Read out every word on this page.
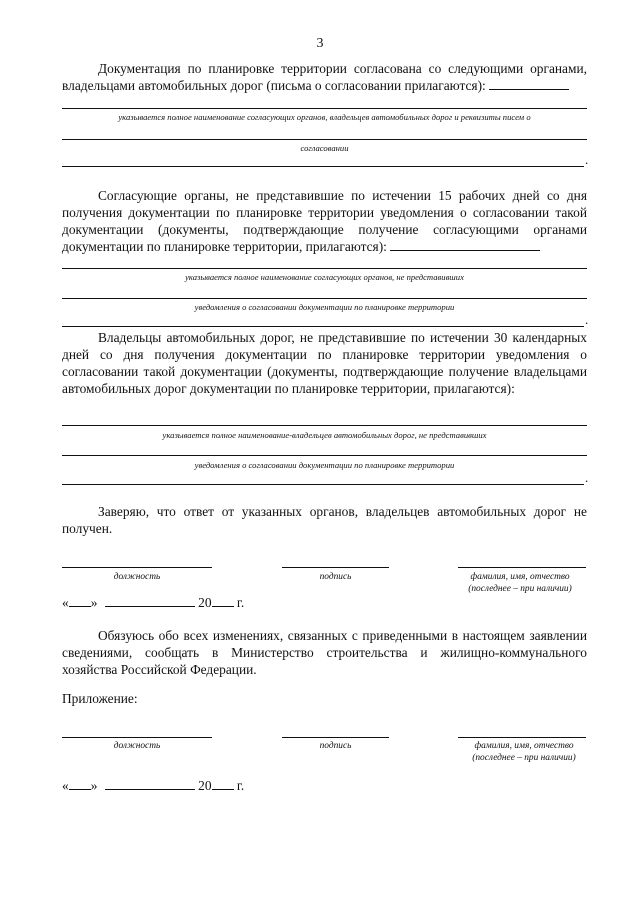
3
Документация по планировке территории согласована со следующими органами, владельцами автомобильных дорог (письма о согласовании прилагаются):
указывается полное наименование согласующих органов, владельцев автомобильных дорог и реквизиты писем о
согласовании
.
Согласующие органы, не представившие по истечении 15 рабочих дней со дня получения документации по планировке территории уведомления о согласовании такой документации (документы, подтверждающие получение согласующими органами документации по планировке территории, прилагаются):
указывается полное наименование согласующих органов, не представивших
уведомления о согласовании документации по планировке территории
.
Владельцы автомобильных дорог, не представившие по истечении 30 календарных дней со дня получения документации по планировке территории уведомления о согласовании такой документации (документы, подтверждающие получение владельцами автомобильных дорог документации по планировке территории, прилагаются):
указывается полное наименование-владельцев автомобильных дорог, не представивших
уведомления о согласовании документации по планировке территории
.
Заверяю, что ответ от указанных органов, владельцев автомобильных дорог не получен.
должность	подпись	фамилия, имя, отчество
(последнее – при наличии)
« »	20 г.
Обязуюсь обо всех изменениях, связанных с приведенными в настоящем заявлении сведениями, сообщать в Министерство строительства и жилищно-коммунального хозяйства Российской Федерации.
Приложение:
должность	подпись	фамилия, имя, отчество
(последнее – при наличии)
« »	20 г.
